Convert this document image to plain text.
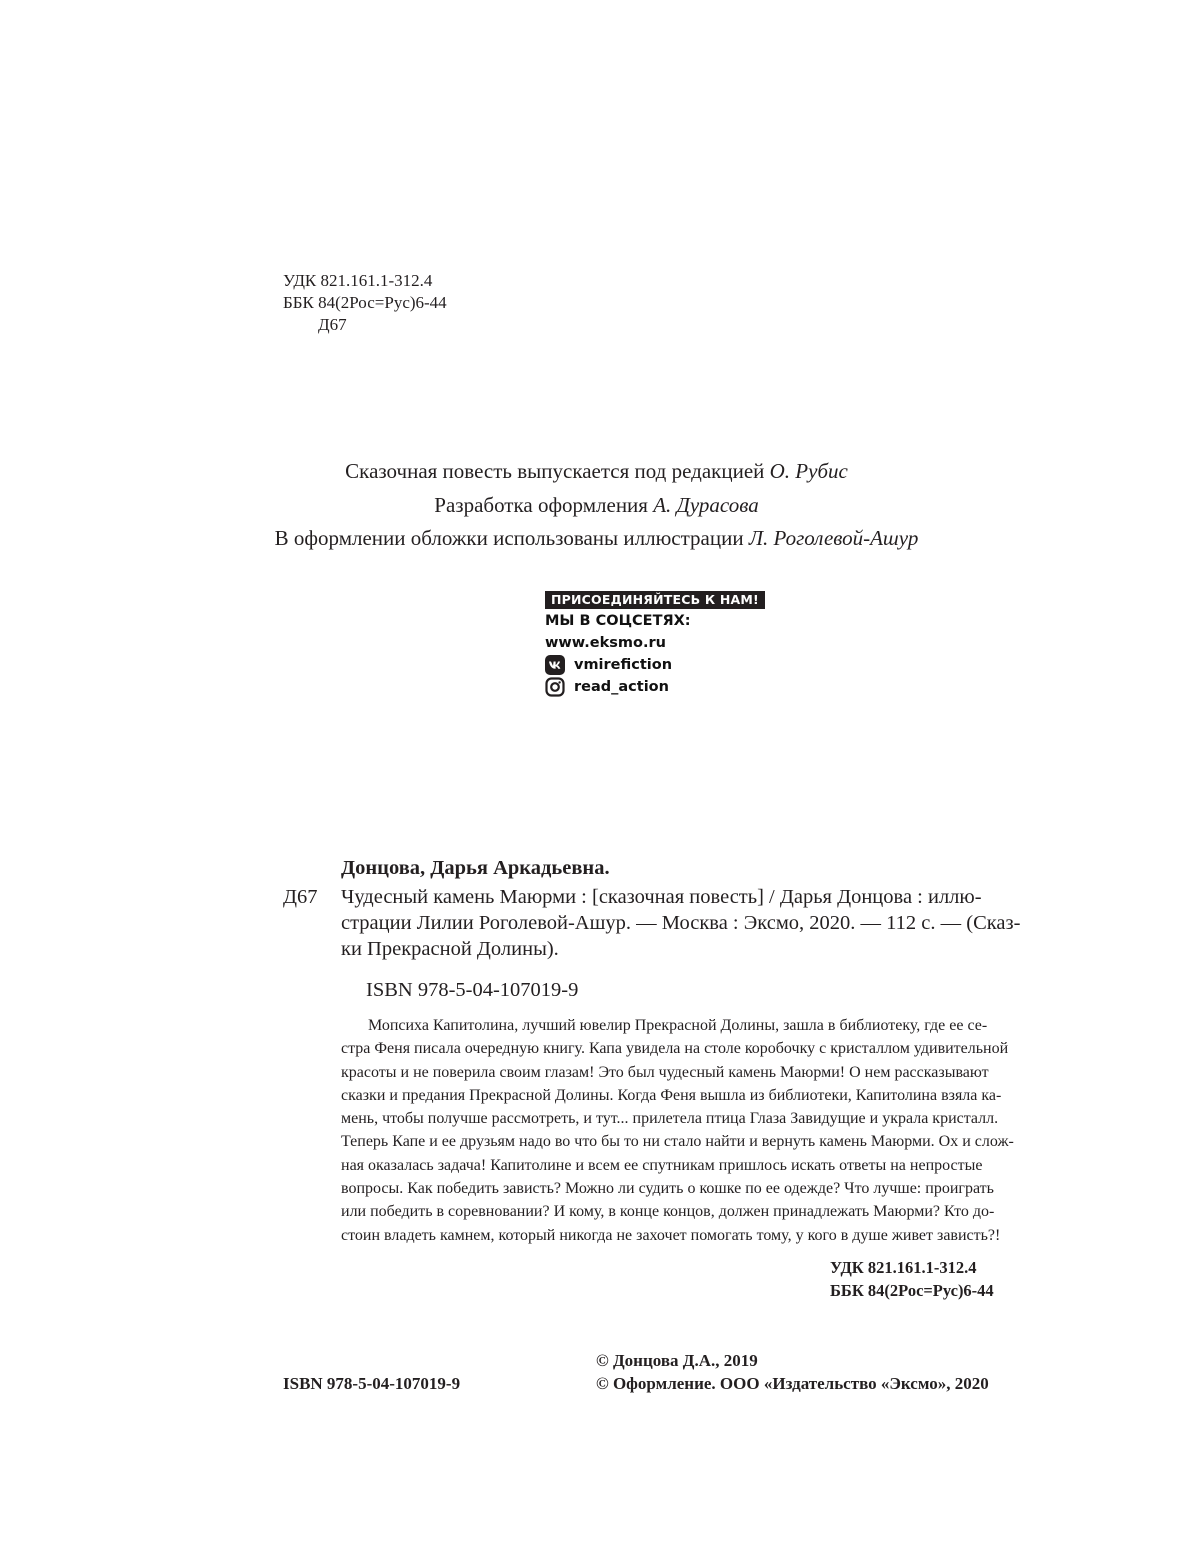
УДК 821.161.1-312.4
ББК 84(2Рос=Рус)6-44
Д67
Сказочная повесть выпускается под редакцией О. Рубис
Разработка оформления А. Дурасова
В оформлении обложки использованы иллюстрации Л. Роголевой-Ашур
ПРИСОЕДИНЯЙТЕСЬ К НАМ!
МЫ В СОЦСЕТЯХ:
www.eksmo.ru
vmirefiction
read_action
Донцова, Дарья Аркадьевна.
Д67 Чудесный камень Маюрми : [сказочная повесть] / Дарья Донцова : иллю-
страции Лилии Роголевой-Ашур. — Москва : Эксмо, 2020. — 112 с. — (Сказ-
ки Прекрасной Долины).
ISBN 978-5-04-107019-9
Мопсиха Капитолина, лучший ювелир Прекрасной Долины, зашла в библиотеку, где ее се-
стра Феня писала очередную книгу. Капа увидела на столе коробочку с кристаллом удивительной
красоты и не поверила своим глазам! Это был чудесный камень Маюрми! О нем рассказывают
сказки и предания Прекрасной Долины. Когда Феня вышла из библиотеки, Капитолина взяла ка-
мень, чтобы получше рассмотреть, и тут... прилетела птица Глаза Завидущие и украла кристалл.
Теперь Капе и ее друзьям надо во что бы то ни стало найти и вернуть камень Маюрми. Ох и слож-
ная оказалась задача! Капитолине и всем ее спутникам пришлось искать ответы на непростые
вопросы. Как победить зависть? Можно ли судить о кошке по ее одежде? Что лучше: проиграть
или победить в соревновании? И кому, в конце концов, должен принадлежать Маюрми? Кто до-
стоин владеть камнем, который никогда не захочет помогать тому, у кого в душе живет зависть?!
УДК 821.161.1-312.4
ББК 84(2Рос=Рус)6-44
© Донцова Д.А., 2019
ISBN 978-5-04-107019-9	© Оформление. ООО «Издательство «Эксмо», 2020
